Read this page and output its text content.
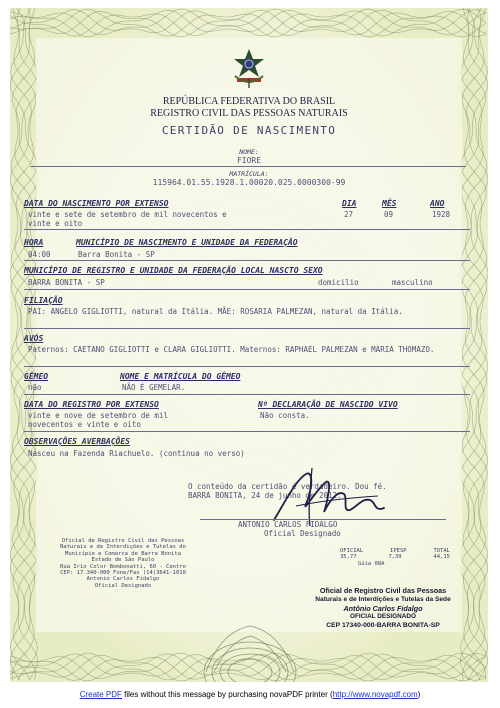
REPÚBLICA FEDERATIVA DO BRASIL
REGISTRO CIVIL DAS PESSOAS NATURAIS
CERTIDÃO DE NASCIMENTO
NOME:
FIORE
MATRÍCULA:
115964.01.55.1928.1.00020.025.0000300-99
DATA DO NASCIMENTO POR EXTENSO	DIA	MÊS	ANO
vinte e sete de setembro de mil novecentos e
vinte e oito
27	09	1928
HORA	MUNICÍPIO DE NASCIMENTO E UNIDADE DA FEDERAÇÃO
04:00	Barra Bonita - SP
MUNICÍPIO DE REGISTRO E UNIDADE DA FEDERAÇÃO LOCAL NASCTO SEXO
BARRA BONITA - SP	domicilio	masculino
FILIAÇÃO
PAI: ANGELO GIGLIOTTI, natural da Itália. MÃE: ROSARIA PALMEZAN, natural da Itália.
AVÓS
Paternos: CAETANO GIGLIOTTI e CLARA GIGLIOTTI. Maternos: RAPHAEL PALMEZAN e MARIA THOMAZO.
GÊMEO	NOME E MATRÍCULA DO GÊMEO
não	NÃO É GEMELAR.
DATA DO REGISTRO POR EXTENSO	Nº DECLARAÇÃO DE NASCIDO VIVO
vinte e nove de setembro de mil
novecentos e vinte e oito
Não consta.
OBSERVAÇÕES AVERBAÇÕES
Nasceu na Fazenda Riachuelo. (continua no verso)
O conteúdo da certidão é verdadeiro. Dou fé.
BARRA BONITA, 24 de junho de 2012.
ANTONIO CARLOS FIDALGO
Oficial Designado
Oficial de Registro Civil das Pessoas
Naturais e de Interdições e Tutelas do
Município e Comarca de Barra Bonita
Estado de São Paulo
Rua Irio Color Bombonatti, 60 - Centro
CEP: 17.340-000 Fone/Fax (14)3641-1010
Antonio Carlos Fidalgo
Oficial Designado
OFICIAL	IPESP	TOTAL
35,77	7,39	44,15
Gúia 08A
Oficial de Registro Civil das Pessoas
Naturais e de Interdições e Tutelas da Sede
Antônio Carlos Fidalgo
OFICIAL DESIGNADO
CEP 17340-000-BARRA BONITA-SP
Create PDF files without this message by purchasing novaPDF printer (http://www.novapdf.com)
